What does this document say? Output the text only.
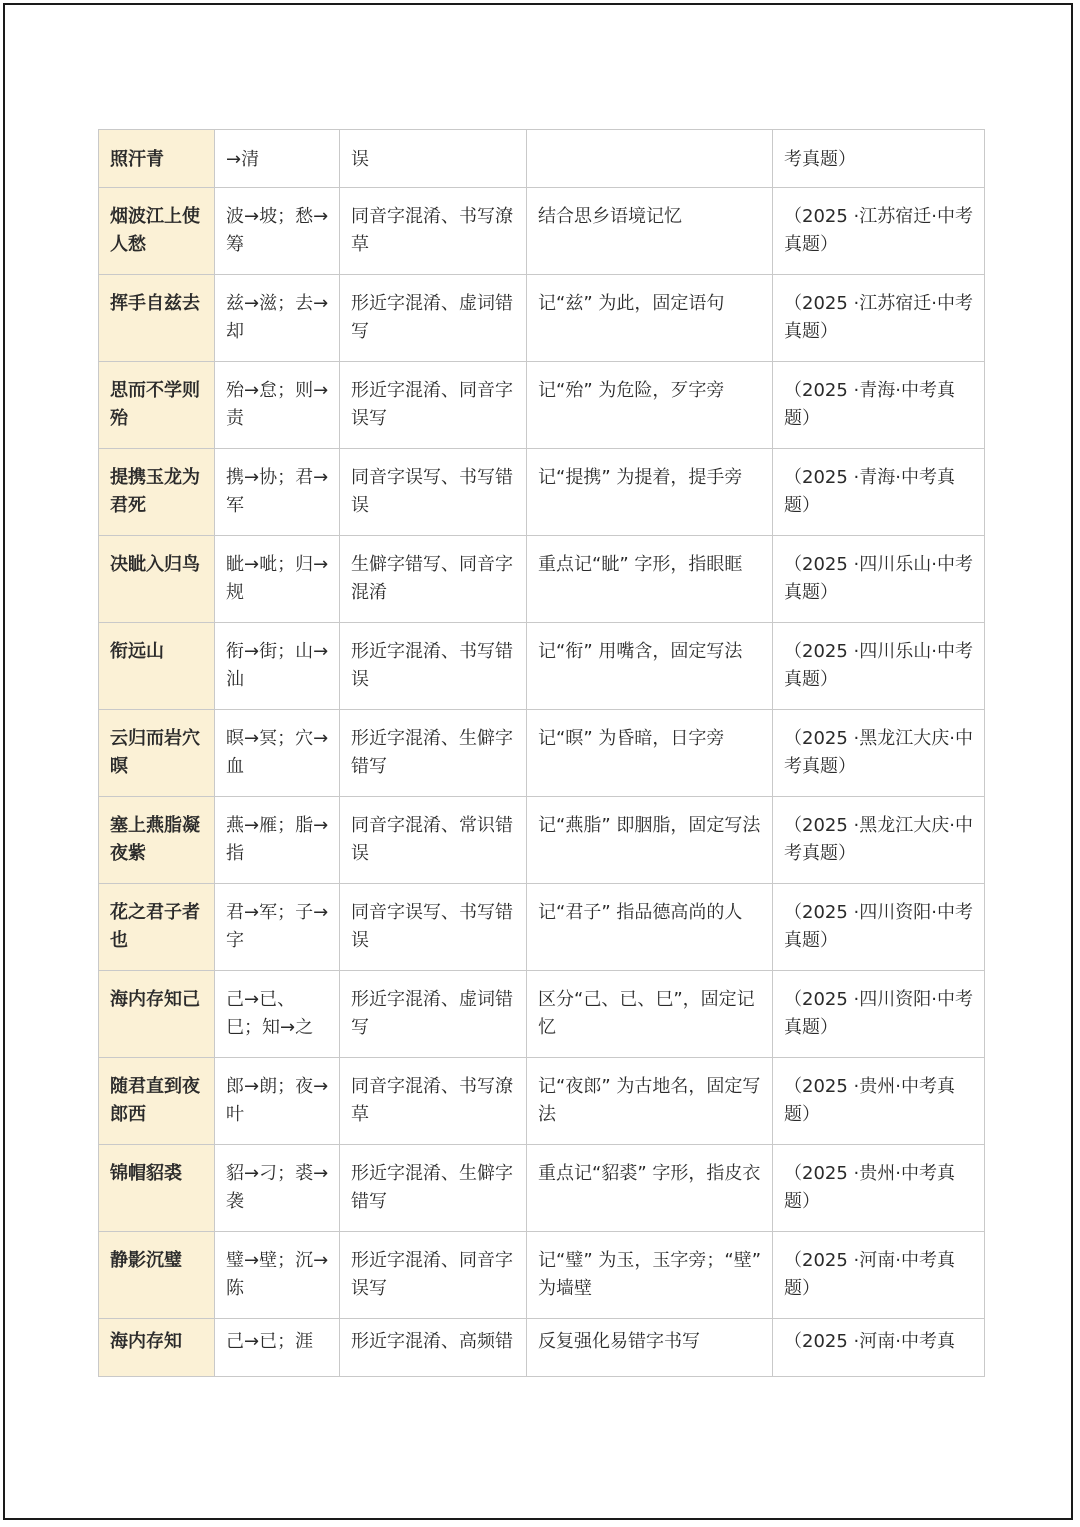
照汗青	→清	误		考真题）
烟波江上使人愁	波→坡；愁→筹	同音字混淆、书写潦草	结合思乡语境记忆	（2025 ·江苏宿迁·中考真题）
挥手自兹去	兹→滋；去→却	形近字混淆、虚词错写	记“兹” 为此，固定语句	（2025 ·江苏宿迁·中考真题）
思而不学则殆	殆→怠；则→责	形近字混淆、同音字误写	记“殆” 为危险，歹字旁	（2025 ·青海·中考真题）
提携玉龙为君死	携→协；君→军	同音字误写、书写错误	记“提携” 为提着，提手旁	（2025 ·青海·中考真题）
决眦入归鸟	眦→呲；归→规	生僻字错写、同音字混淆	重点记“眦” 字形，指眼眶	（2025 ·四川乐山·中考真题）
衔远山	衔→街；山→汕	形近字混淆、书写错误	记“衔” 用嘴含，固定写法	（2025 ·四川乐山·中考真题）
云归而岩穴暝	暝→冥；穴→血	形近字混淆、生僻字错写	记“暝” 为昏暗，日字旁	（2025 ·黑龙江大庆·中考真题）
塞上燕脂凝夜紫	燕→雁；脂→指	同音字混淆、常识错误	记“燕脂” 即胭脂，固定写法	（2025 ·黑龙江大庆·中考真题）
花之君子者也	君→军；子→字	同音字误写、书写错误	记“君子” 指品德高尚的人	（2025 ·四川资阳·中考真题）
海内存知己	己→已、巳；知→之	形近字混淆、虚词错写	区分“己、已、巳”，固定记忆	（2025 ·四川资阳·中考真题）
随君直到夜郎西	郎→朗；夜→叶	同音字混淆、书写潦草	记“夜郎” 为古地名，固定写法	（2025 ·贵州·中考真题）
锦帽貂裘	貂→刁；裘→袭	形近字混淆、生僻字错写	重点记“貂裘” 字形，指皮衣	（2025 ·贵州·中考真题）
静影沉璧	璧→壁；沉→陈	形近字混淆、同音字误写	记“璧” 为玉，玉字旁；“壁” 为墙壁	（2025 ·河南·中考真题）
海内存知	己→已；涯	形近字混淆、高频错	反复强化易错字书写	（2025 ·河南·中考真
